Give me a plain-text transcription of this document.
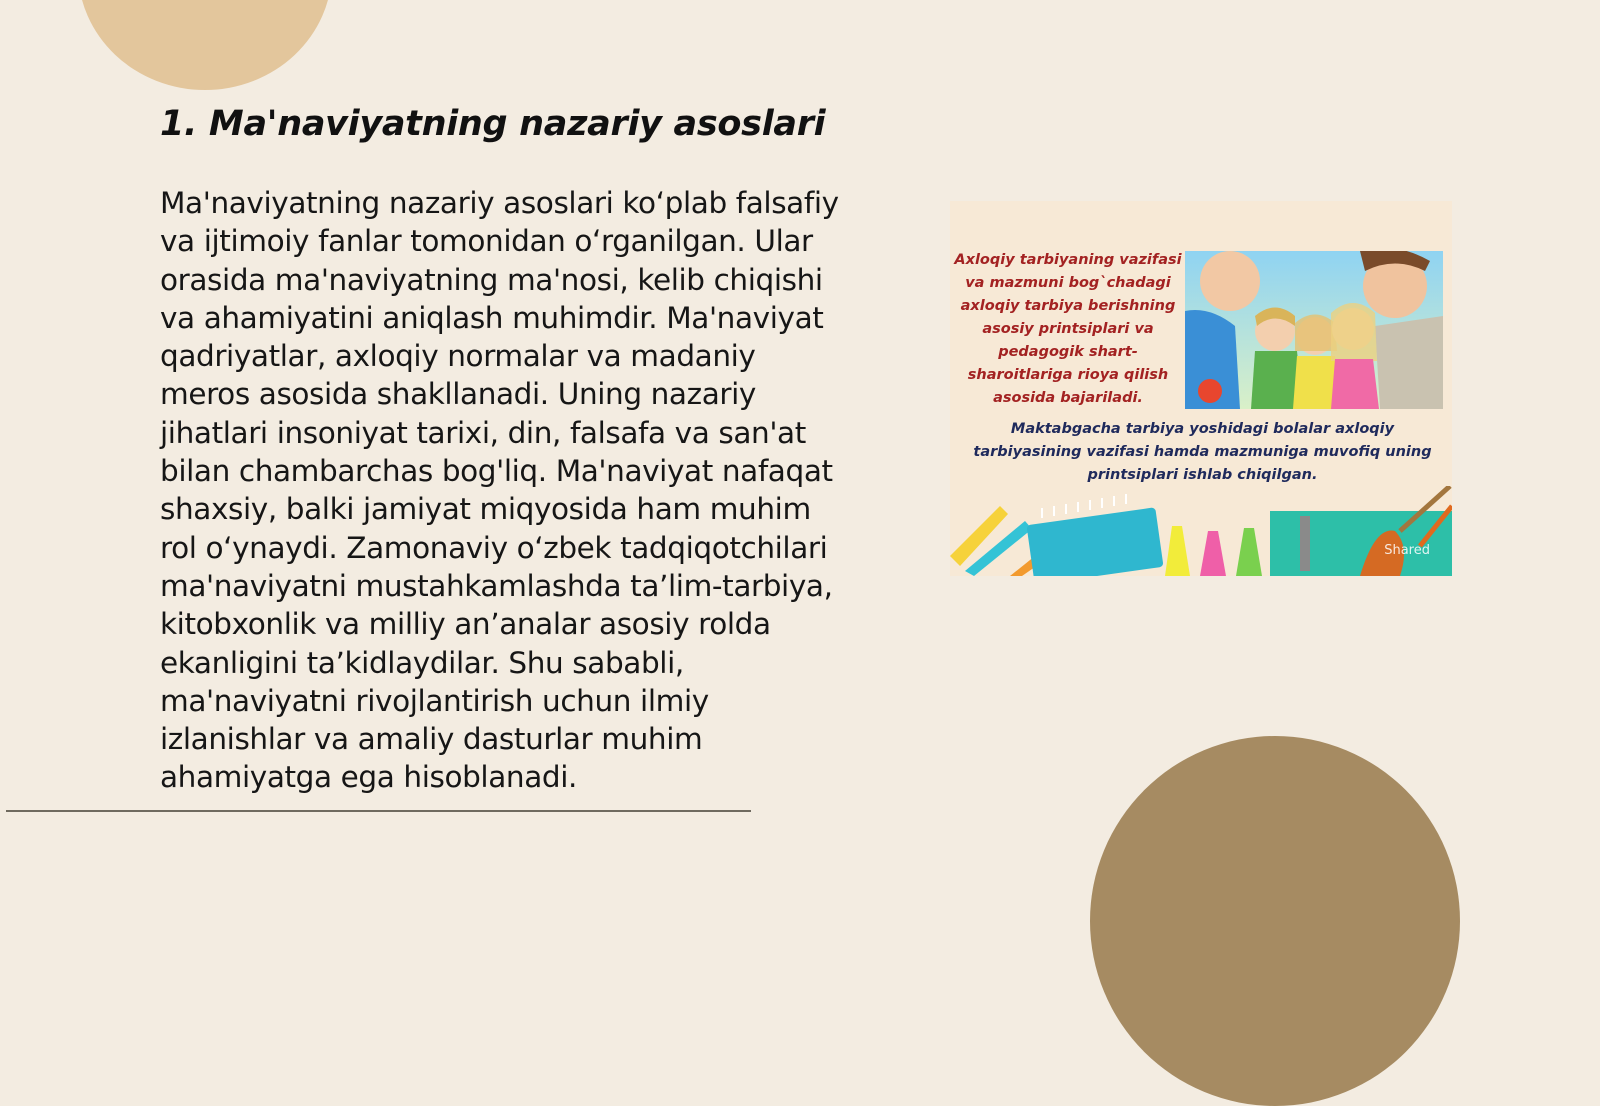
1. Ma'naviyatning nazariy asoslari

Ma'naviyatning nazariy asoslari koʻplab falsafiy va ijtimoiy fanlar tomonidan oʻrganilgan. Ular orasida ma'naviyatning ma'nosi, kelib chiqishi va ahamiyatini aniqlash muhimdir. Ma'naviyat qadriyatlar, axloqiy normalar va madaniy meros asosida shakllanadi. Uning nazariy jihatlari insoniyat tarixi, din, falsafa va san'at bilan chambarchas bog'liq. Ma'naviyat nafaqat shaxsiy, balki jamiyat miqyosida ham muhim rol oʻynaydi. Zamonaviy oʻzbek tadqiqotchilari ma'naviyatni mustahkamlashda ta’lim-tarbiya, kitobxonlik va milliy an’analar asosiy rolda ekanligini ta’kidlaydilar. Shu sababli, ma'naviyatni rivojlantirish uchun ilmiy izlanishlar va amaliy dasturlar muhim ahamiyatga ega hisoblanadi.

Axloqiy tarbiyaning vazifasi va mazmuni bog`chadagi axloqiy tarbiya berishning asosiy printsiplari va pedagogik shart-sharoitlariga rioya qilish asosida bajariladi.

Maktabgacha tarbiya yoshidagi bolalar axloqiy tarbiyasining vazifasi hamda mazmuniga muvofiq uning printsiplari ishlab chiqilgan.

Shared
